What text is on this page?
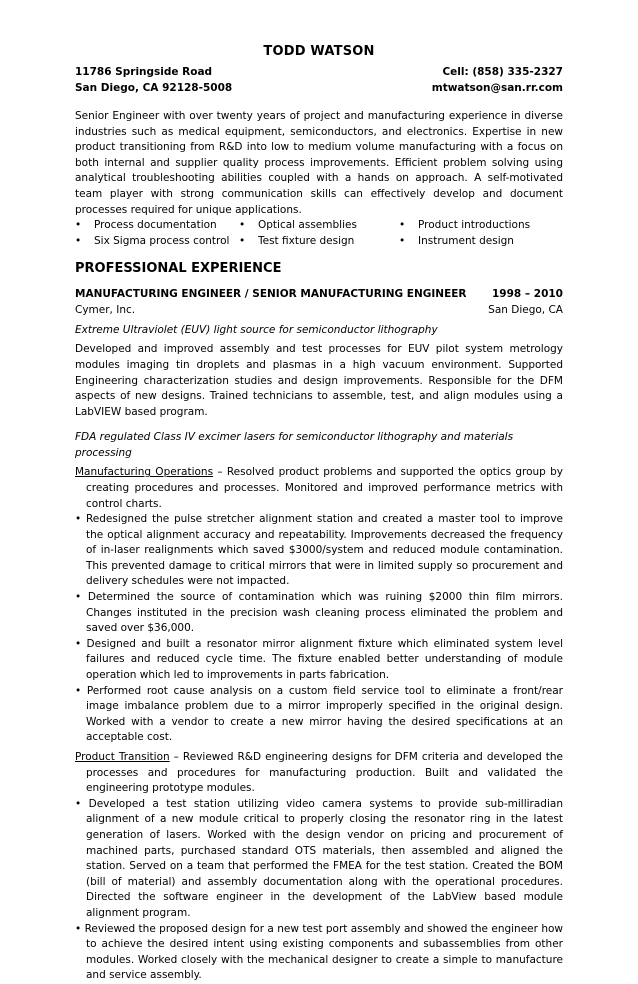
TODD WATSON
11786 Springside Road	Cell: (858) 335-2327
San Diego, CA 92128-5008	mtwatson@san.rr.com
Senior Engineer with over twenty years of project and manufacturing experience in diverse industries such as medical equipment, semiconductors, and electronics. Expertise in new product transitioning from R&D into low to medium volume manufacturing with a focus on both internal and supplier quality process improvements. Efficient problem solving using analytical troubleshooting abilities coupled with a hands on approach. A self-motivated team player with strong communication skills can effectively develop and document processes required for unique applications.
•	Process documentation •	Optical assemblies	•	Product introductions
•	Six Sigma process control •	Test fixture design	•	Instrument design
PROFESSIONAL EXPERIENCE
MANUFACTURING ENGINEER / SENIOR MANUFACTURING ENGINEER 1998 – 2010
Cymer, Inc.	San Diego, CA
Extreme Ultraviolet (EUV) light source for semiconductor lithography
Developed and improved assembly and test processes for EUV pilot system metrology modules imaging tin droplets and plasmas in a high vacuum environment. Supported Engineering characterization studies and design improvements. Responsible for the DFM aspects of new designs. Trained technicians to assemble, test, and align modules using a LabVIEW based program.
FDA regulated Class IV excimer lasers for semiconductor lithography and materials processing
Manufacturing Operations – Resolved product problems and supported the optics group by creating procedures and processes. Monitored and improved performance metrics with control charts.
• Redesigned the pulse stretcher alignment station and created a master tool to improve the optical alignment accuracy and repeatability. Improvements decreased the frequency of in-laser realignments which saved $3000/system and reduced module contamination. This prevented damage to critical mirrors that were in limited supply so procurement and delivery schedules were not impacted.
• Determined the source of contamination which was ruining $2000 thin film mirrors. Changes instituted in the precision wash cleaning process eliminated the problem and saved over $36,000.
• Designed and built a resonator mirror alignment fixture which eliminated system level failures and reduced cycle time. The fixture enabled better understanding of module operation which led to improvements in parts fabrication.
• Performed root cause analysis on a custom field service tool to eliminate a front/rear image imbalance problem due to a mirror improperly specified in the original design. Worked with a vendor to create a new mirror having the desired specifications at an acceptable cost.
Product Transition – Reviewed R&D engineering designs for DFM criteria and developed the processes and procedures for manufacturing production. Built and validated the engineering prototype modules.
• Developed a test station utilizing video camera systems to provide sub-milliradian alignment of a new module critical to properly closing the resonator ring in the latest generation of lasers. Worked with the design vendor on pricing and procurement of machined parts, purchased standard OTS materials, then assembled and aligned the station. Served on a team that performed the FMEA for the test station. Created the BOM (bill of material) and assembly documentation along with the operational procedures. Directed the software engineer in the development of the LabView based module alignment program.
• Reviewed the proposed design for a new test port assembly and showed the engineer how to achieve the desired intent using existing components and subassemblies from other modules. Worked closely with the mechanical designer to create a simple to manufacture and service assembly.
